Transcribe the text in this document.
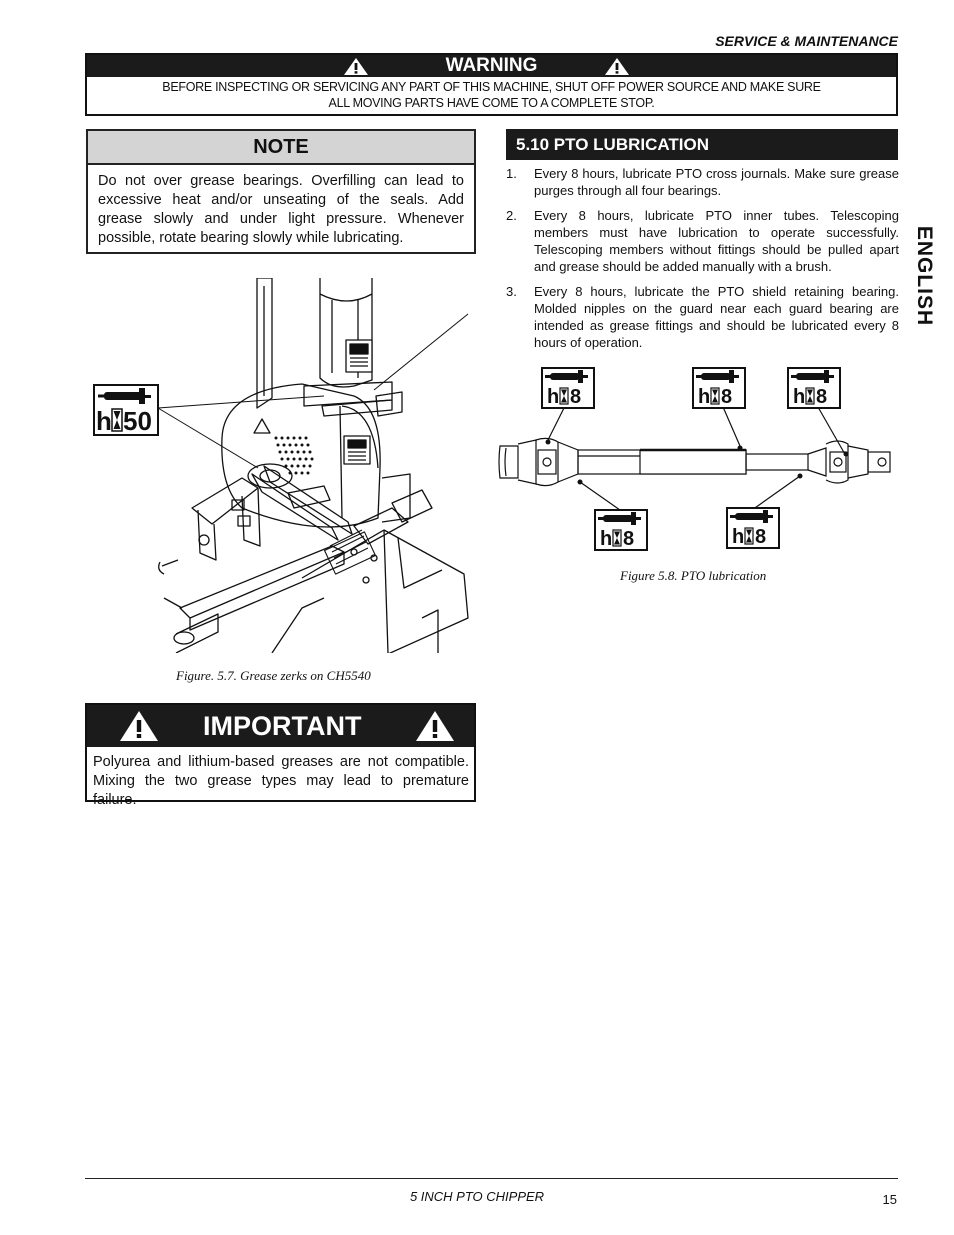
SERVICE & MAINTENANCE
WARNING
BEFORE INSPECTING OR SERVICING ANY PART OF THIS MACHINE, SHUT OFF POWER SOURCE AND MAKE SURE
ALL MOVING PARTS HAVE COME TO A COMPLETE STOP.
NOTE
Do not over grease bearings. Overfilling can lead to excessive heat and/or unseating of the seals. Add grease slowly and under light pressure. Whenever possible, rotate bearing slowly while lubricating.
5.10 PTO LUBRICATION
1. Every 8 hours, lubricate PTO cross journals. Make sure grease purges through all four bearings.
2. Every 8 hours, lubricate PTO inner tubes. Telescoping members must have lubrication to operate successfully. Telescoping members without fittings should be pulled apart and grease should be added manually with a brush.
3. Every 8 hours, lubricate the PTO shield retaining bearing. Molded nipples on the guard near each guard bearing are intended as grease fittings and should be lubricated every 8 hours of operation.
ENGLISH
h 50
Figure. 5.7. Grease zerks on CH5540
h 8	h 8	h 8
h 8	h 8
Figure 5.8. PTO lubrication
IMPORTANT
Polyurea and lithium-based greases are not compatible. Mixing the two grease types may lead to premature failure.
5 INCH PTO CHIPPER	15
